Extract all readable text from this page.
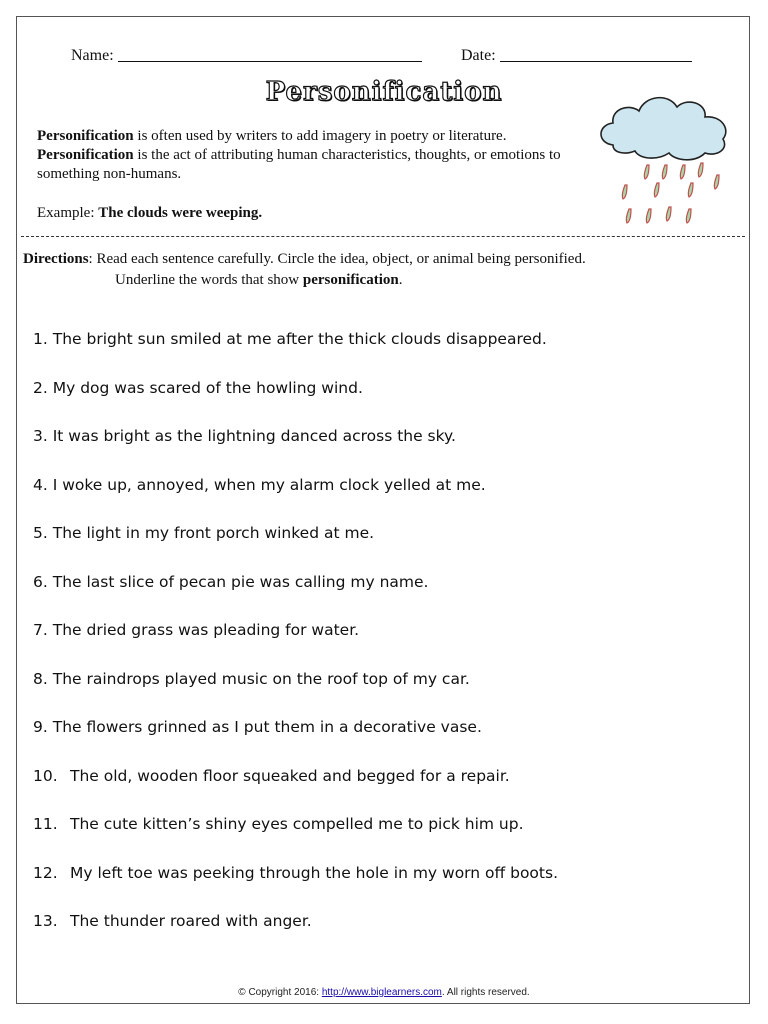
Name:	Date:
Personification
Personification is often used by writers to add imagery in poetry or literature.
Personification is the act of attributing human characteristics, thoughts, or emotions to something non-humans.
Example: The clouds were weeping.
Directions: Read each sentence carefully. Circle the idea, object, or animal being personified.
Underline the words that show personification.
1. The bright sun smiled at me after the thick clouds disappeared.
2. My dog was scared of the howling wind.
3. It was bright as the lightning danced across the sky.
4. I woke up, annoyed, when my alarm clock yelled at me.
5. The light in my front porch winked at me.
6. The last slice of pecan pie was calling my name.
7. The dried grass was pleading for water.
8. The raindrops played music on the roof top of my car.
9. The flowers grinned as I put them in a decorative vase.
10. The old, wooden floor squeaked and begged for a repair.
11. The cute kitten’s shiny eyes compelled me to pick him up.
12. My left toe was peeking through the hole in my worn off boots.
13. The thunder roared with anger.
© Copyright 2016: http://www.biglearners.com. All rights reserved.
